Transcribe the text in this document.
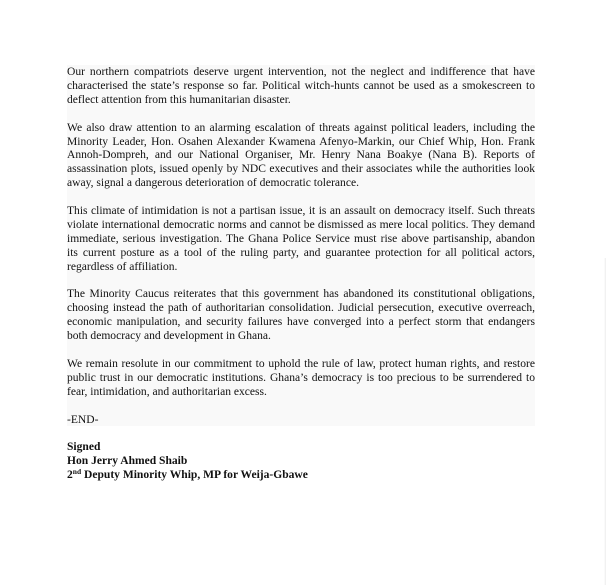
Our northern compatriots deserve urgent intervention, not the neglect and indifference that have characterised the state’s response so far. Political witch-hunts cannot be used as a smokescreen to deflect attention from this humanitarian disaster.

We also draw attention to an alarming escalation of threats against political leaders, including the Minority Leader, Hon. Osahen Alexander Kwamena Afenyo-Markin, our Chief Whip, Hon. Frank Annoh-Dompreh, and our National Organiser, Mr. Henry Nana Boakye (Nana B). Reports of assassination plots, issued openly by NDC executives and their associates while the authorities look away, signal a dangerous deterioration of democratic tolerance.

This climate of intimidation is not a partisan issue, it is an assault on democracy itself. Such threats violate international democratic norms and cannot be dismissed as mere local politics. They demand immediate, serious investigation. The Ghana Police Service must rise above partisanship, abandon its current posture as a tool of the ruling party, and guarantee protection for all political actors, regardless of affiliation.

The Minority Caucus reiterates that this government has abandoned its constitutional obligations, choosing instead the path of authoritarian consolidation. Judicial persecution, executive overreach, economic manipulation, and security failures have converged into a perfect storm that endangers both democracy and development in Ghana.

We remain resolute in our commitment to uphold the rule of law, protect human rights, and restore public trust in our democratic institutions. Ghana’s democracy is too precious to be surrendered to fear, intimidation, and authoritarian excess.

-END-
Signed
Hon Jerry Ahmed Shaib
2nd Deputy Minority Whip, MP for Weija-Gbawe
